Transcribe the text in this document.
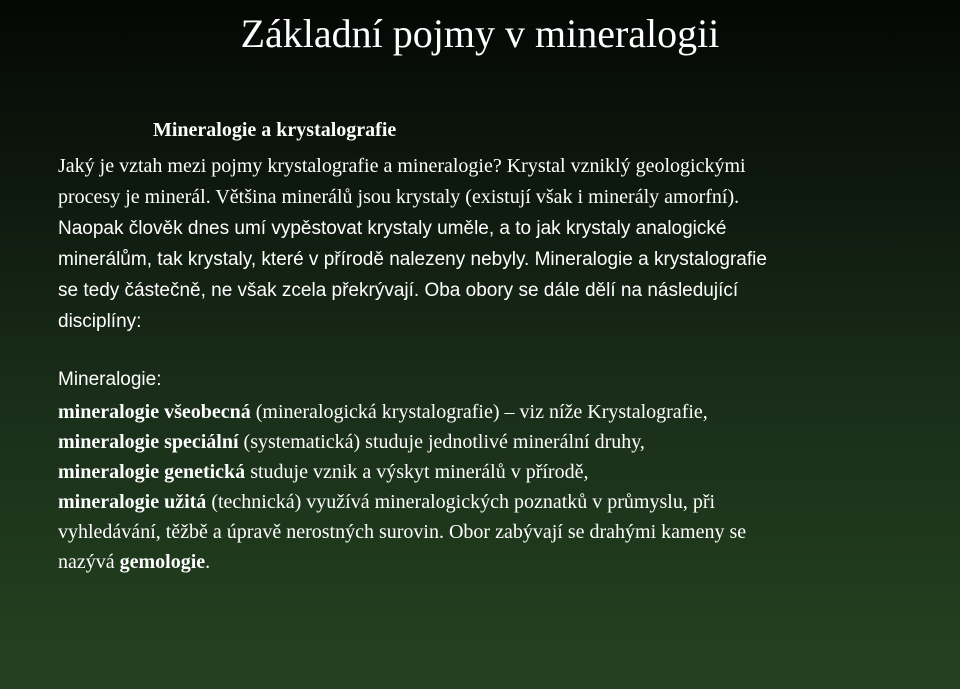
Základní pojmy v mineralogii
Mineralogie a krystalografie
Jaký je vztah mezi pojmy krystalografie a mineralogie? Krystal vzniklý geologickými
procesy je minerál. Většina minerálů jsou krystaly (existují však i minerály amorfní).
Naopak člověk dnes umí vypěstovat krystaly uměle, a to jak krystaly analogické
minerálům, tak krystaly, které v přírodě nalezeny nebyly. Mineralogie a krystalografie
se tedy částečně, ne však zcela překrývají. Oba obory se dále dělí na následující
disciplíny:
Mineralogie:
mineralogie všeobecná (mineralogická krystalografie) – viz níže Krystalografie,
mineralogie speciální (systematická) studuje jednotlivé minerální druhy,
mineralogie genetická studuje vznik a výskyt minerálů v přírodě,
mineralogie užitá (technická) využívá mineralogických poznatků v průmyslu, při
vyhledávání, těžbě a úpravě nerostných surovin. Obor zabývají se drahými kameny se
nazývá gemologie.
